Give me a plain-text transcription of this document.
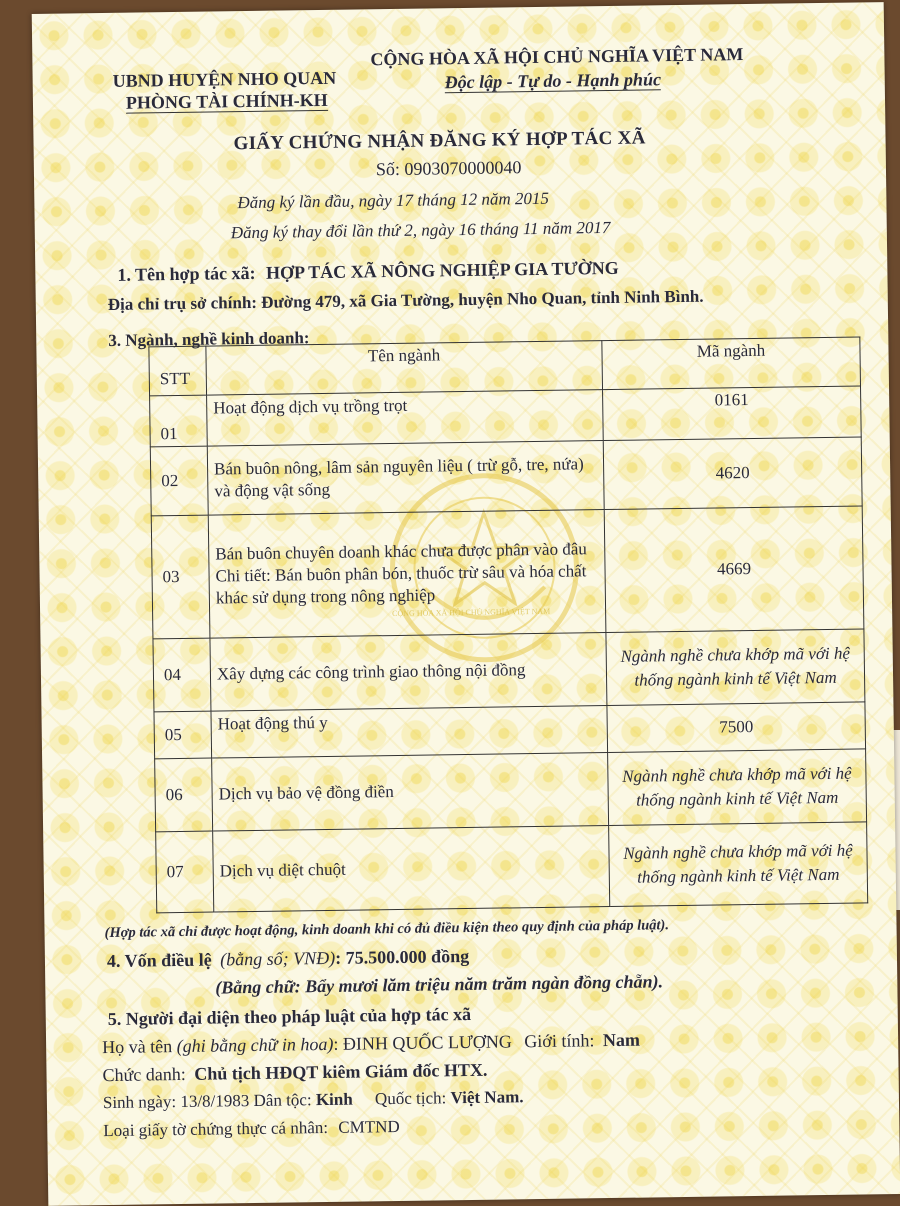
CỘNG HÒA XÃ HỘI CHỦ NGHĨA VIỆT NAM
UBND HUYỆN NHO QUAN
PHÒNG TÀI CHÍNH-KH
CỘNG HÒA XÃ HỘI CHỦ NGHĨA VIỆT NAM
Độc lập - Tự do - Hạnh phúc
GIẤY CHỨNG NHẬN ĐĂNG KÝ HỢP TÁC XÃ
Số: 0903070000040
Đăng ký lần đầu, ngày 17 tháng 12 năm 2015
Đăng ký thay đổi lần thứ 2, ngày 16 tháng 11 năm 2017
1. Tên hợp tác xã: HỢP TÁC XÃ NÔNG NGHIỆP GIA TƯỜNG
Địa chỉ trụ sở chính: Đường 479, xã Gia Tường, huyện Nho Quan, tỉnh Ninh Bình.
3. Ngành, nghề kinh doanh:
STT	Tên ngành	Mã ngành
01	Hoạt động dịch vụ trồng trọt	0161
02	Bán buôn nông, lâm sản nguyên liệu ( trừ gỗ, tre, nứa) và động vật sống	4620
03	Bán buôn chuyên doanh khác chưa được phân vào đâu
Chi tiết: Bán buôn phân bón, thuốc trừ sâu và hóa chất khác sử dụng trong nông nghiệp	4669
04	Xây dựng các công trình giao thông nội đồng	Ngành nghề chưa khớp mã với hệ thống ngành kinh tế Việt Nam
05	Hoạt động thú y	7500
06	Dịch vụ bảo vệ đồng điền	Ngành nghề chưa khớp mã với hệ thống ngành kinh tế Việt Nam
07	Dịch vụ diệt chuột	Ngành nghề chưa khớp mã với hệ thống ngành kinh tế Việt Nam
(Hợp tác xã chỉ được hoạt động, kinh doanh khi có đủ điều kiện theo quy định của pháp luật).
4. Vốn điều lệ (bằng số; VNĐ): 75.500.000 đồng
(Bằng chữ: Bẩy mươi lăm triệu năm trăm ngàn đồng chẵn).
5. Người đại diện theo pháp luật của hợp tác xã
Họ và tên (ghi bằng chữ in hoa): ĐINH QUỐC LƯỢNG Giới tính: Nam
Chức danh: Chủ tịch HĐQT kiêm Giám đốc HTX.
Sinh ngày: 13/8/1983 Dân tộc: Kinh Quốc tịch: Việt Nam.
Loại giấy tờ chứng thực cá nhân: CMTND
